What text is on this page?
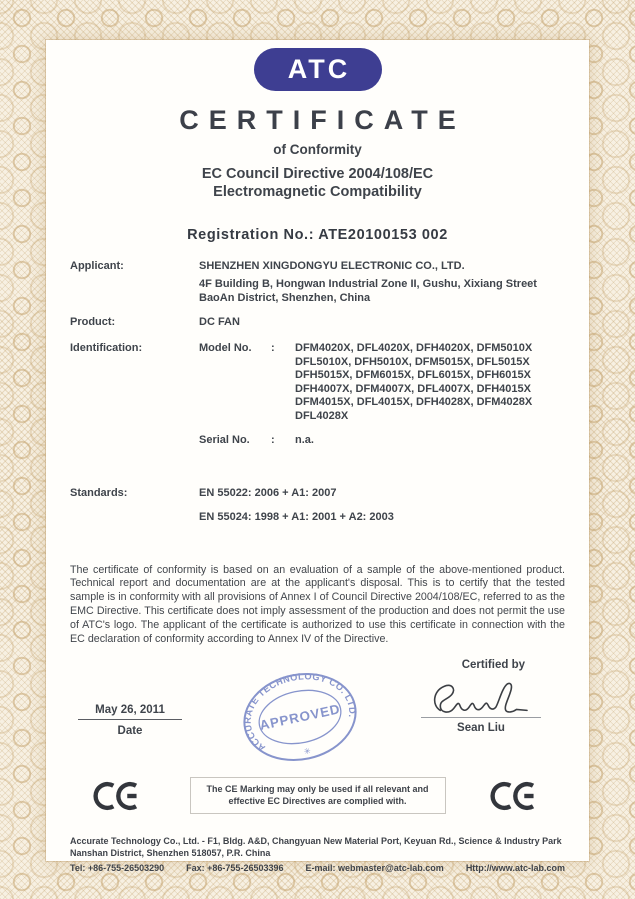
ATC
CERTIFICATE
of Conformity
EC Council Directive 2004/108/EC
Electromagnetic Compatibility
Registration No.: ATE20100153 002
Applicant:	SHENZHEN XINGDONGYU ELECTRONIC CO., LTD.
4F Building B, Hongwan Industrial Zone II, Gushu, Xixiang Street
BaoAn District, Shenzhen, China
Product:	DC FAN
Identification:	Model No.	:	DFM4020X, DFL4020X, DFH4020X, DFM5010X
DFL5010X, DFH5010X, DFM5015X, DFL5015X
DFH5015X, DFM6015X, DFL6015X, DFH6015X
DFH4007X, DFM4007X, DFL4007X, DFH4015X
DFM4015X, DFL4015X, DFH4028X, DFM4028X
DFL4028X
Serial No.	:	n.a.
Standards:	EN 55022: 2006 + A1: 2007
EN 55024: 1998 + A1: 2001 + A2: 2003

The certificate of conformity is based on an evaluation of a sample of the above-mentioned product. Technical report and documentation are at the applicant's disposal. This is to certify that the tested sample is in conformity with all provisions of Annex I of Council Directive 2004/108/EC, referred to as the EMC Directive. This certificate does not imply assessment of the production and does not permit the use of ATC's logo. The applicant of the certificate is authorized to use this certificate in connection with the EC declaration of conformity according to Annex IV of the Directive.

Certified by
ACCURATE TECHNOLOGY CO. LTD.
APPROVED
✳
May 26, 2011
Date	Sean Liu
The CE Marking may only be used if all relevant and
effective EC Directives are complied with.
Accurate Technology Co., Ltd. - F1, Bldg. A&D, Changyuan New Material Port, Keyuan Rd., Science & Industry Park
Nanshan District, Shenzhen 518057, P.R. China
Tel: +86-755-26503290 Fax: +86-755-26503396 E-mail: webmaster@atc-lab.com Http://www.atc-lab.com
